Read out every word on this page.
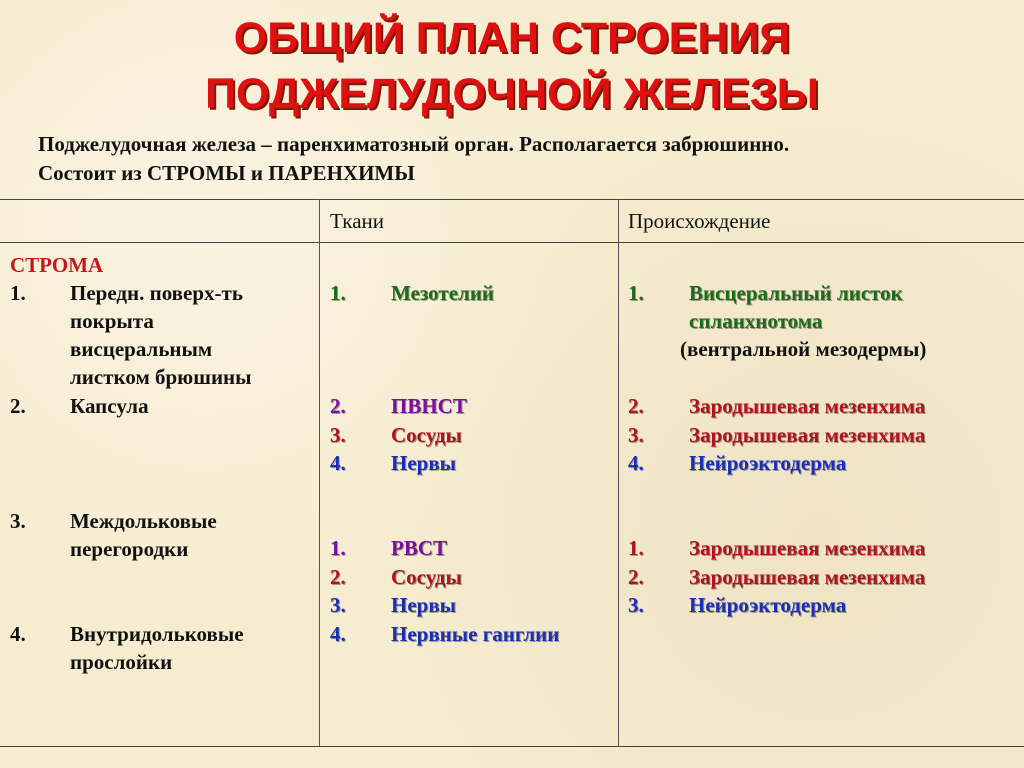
ОБЩИЙ ПЛАН СТРОЕНИЯ
ПОДЖЕЛУДОЧНОЙ ЖЕЛЕЗЫ
Поджелудочная железа – паренхиматозный орган. Располагается забрюшинно.
Состоит из СТРОМЫ и ПАРЕНХИМЫ
Ткани	Происхождение
СТРОМА
1. Передн. поверх-ть
покрыта
висцеральным
листком брюшины
2. Капсула
3. Междольковые
перегородки
4. Внутридольковые
прослойки
1. Мезотелий
2. ПВНСТ
3. Сосуды
4. Нервы
1. РВСТ
2. Сосуды
3. Нервы
4. Нервные ганглии
1. Висцеральный листок
спланхнотома
(вентральной мезодермы)
2. Зародышевая мезенхима
3. Зародышевая мезенхима
4. Нейроэктодерма
1. Зародышевая мезенхима
2. Зародышевая мезенхима
3. Нейроэктодерма
